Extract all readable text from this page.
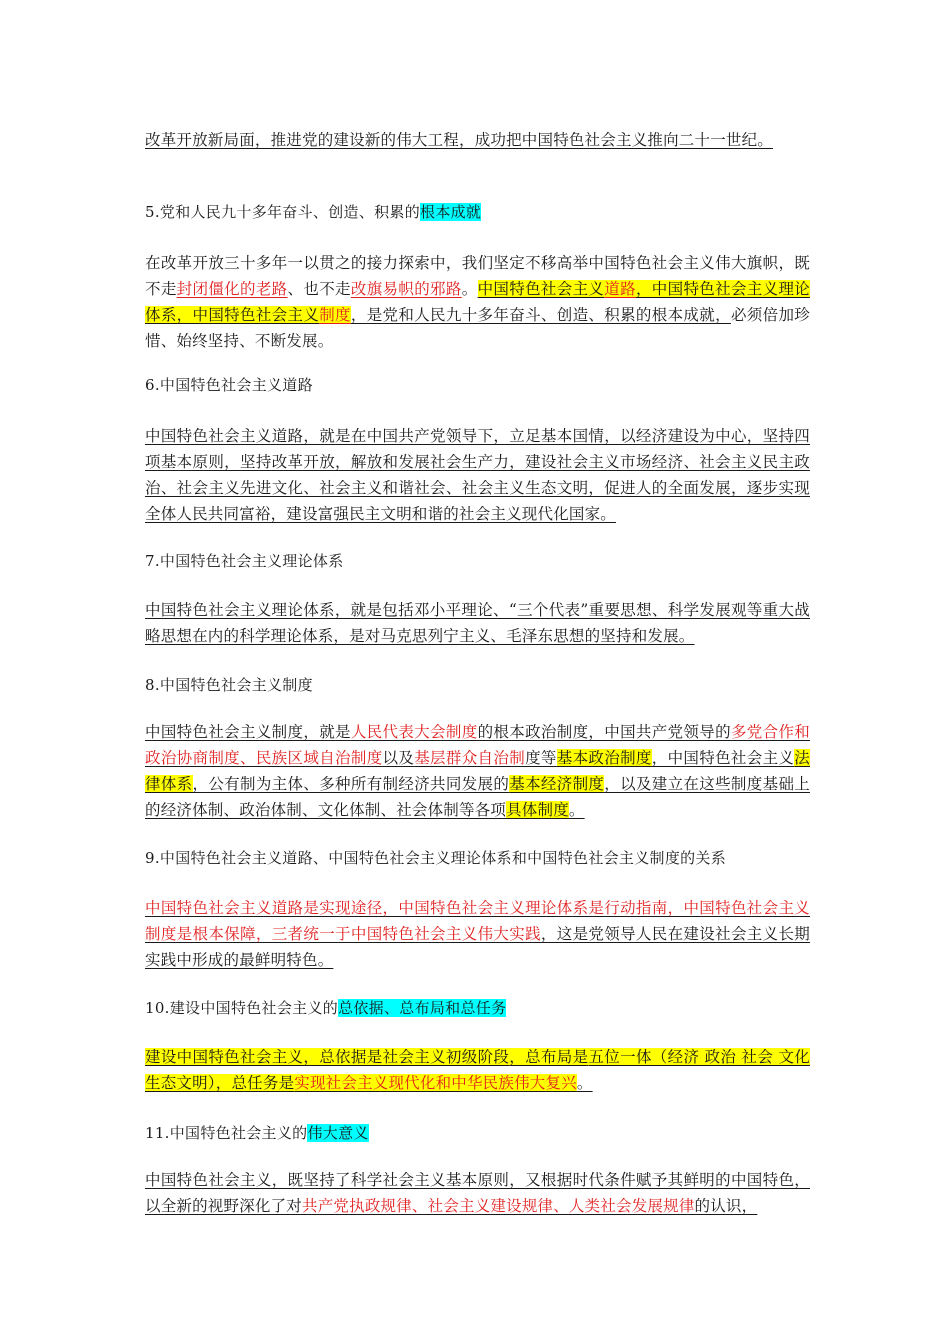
改革开放新局面，推进党的建设新的伟大工程，成功把中国特色社会主义推向二十一世纪。
5.党和人民九十多年奋斗、创造、积累的根本成就
在改革开放三十多年一以贯之的接力探索中，我们坚定不移高举中国特色社会主义伟大旗帜，既不走封闭僵化的老路、也不走改旗易帜的邪路。中国特色社会主义道路，中国特色社会主义理论体系，中国特色社会主义制度，是党和人民九十多年奋斗、创造、积累的根本成就，必须倍加珍惜、始终坚持、不断发展。
6.中国特色社会主义道路
中国特色社会主义道路，就是在中国共产党领导下，立足基本国情，以经济建设为中心，坚持四项基本原则，坚持改革开放，解放和发展社会生产力，建设社会主义市场经济、社会主义民主政治、社会主义先进文化、社会主义和谐社会、社会主义生态文明，促进人的全面发展，逐步实现全体人民共同富裕，建设富强民主文明和谐的社会主义现代化国家。
7.中国特色社会主义理论体系
中国特色社会主义理论体系，就是包括邓小平理论、“三个代表”重要思想、科学发展观等重大战略思想在内的科学理论体系，是对马克思列宁主义、毛泽东思想的坚持和发展。
8.中国特色社会主义制度
中国特色社会主义制度，就是人民代表大会制度的根本政治制度，中国共产党领导的多党合作和政治协商制度、民族区域自治制度以及基层群众自治制度等基本政治制度，中国特色社会主义法律体系，公有制为主体、多种所有制经济共同发展的基本经济制度，以及建立在这些制度基础上的经济体制、政治体制、文化体制、社会体制等各项具体制度。
9.中国特色社会主义道路、中国特色社会主义理论体系和中国特色社会主义制度的关系
中国特色社会主义道路是实现途径，中国特色社会主义理论体系是行动指南，中国特色社会主义制度是根本保障，三者统一于中国特色社会主义伟大实践，这是党领导人民在建设社会主义长期实践中形成的最鲜明特色。
10.建设中国特色社会主义的总依据、总布局和总任务
建设中国特色社会主义，总依据是社会主义初级阶段，总布局是五位一体（经济 政治 社会 文化 生态文明），总任务是实现社会主义现代化和中华民族伟大复兴。
11.中国特色社会主义的伟大意义
中国特色社会主义，既坚持了科学社会主义基本原则，又根据时代条件赋予其鲜明的中国特色，以全新的视野深化了对共产党执政规律、社会主义建设规律、人类社会发展规律的认识，
